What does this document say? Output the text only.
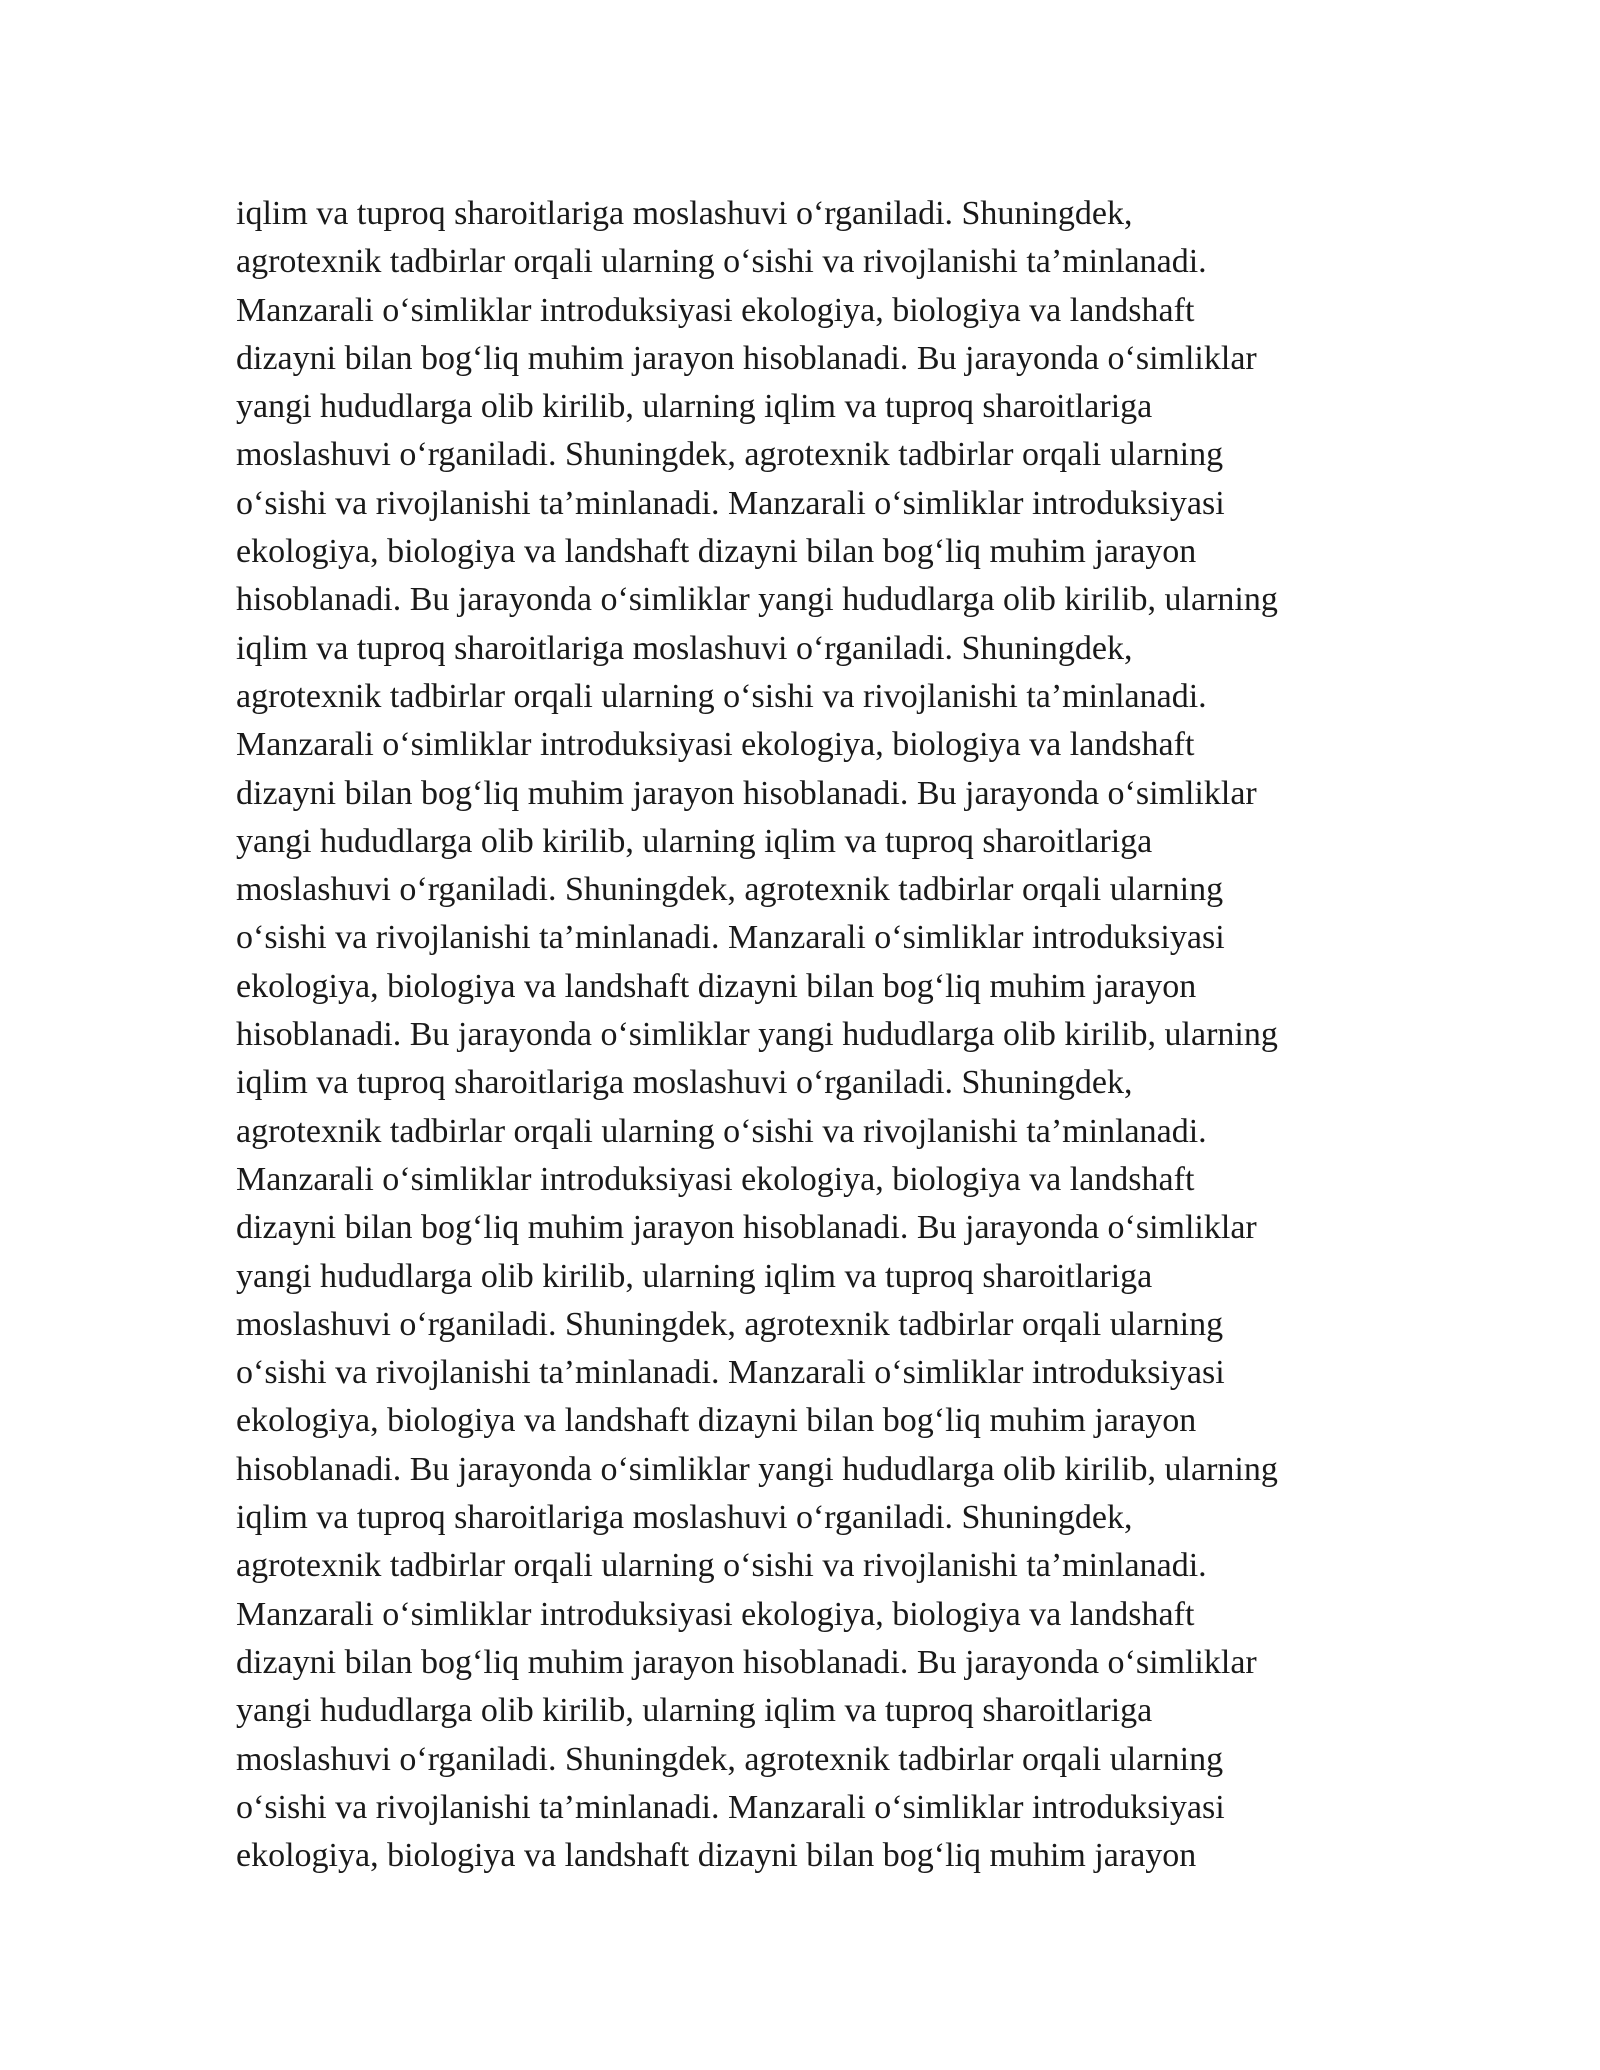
iqlim va tuproq sharoitlariga moslashuvi o‘rganiladi. Shuningdek,
agrotexnik tadbirlar orqali ularning o‘sishi va rivojlanishi ta’minlanadi.
Manzarali o‘simliklar introduksiyasi ekologiya, biologiya va landshaft
dizayni bilan bog‘liq muhim jarayon hisoblanadi. Bu jarayonda o‘simliklar
yangi hududlarga olib kirilib, ularning iqlim va tuproq sharoitlariga
moslashuvi o‘rganiladi. Shuningdek, agrotexnik tadbirlar orqali ularning
o‘sishi va rivojlanishi ta’minlanadi. Manzarali o‘simliklar introduksiyasi
ekologiya, biologiya va landshaft dizayni bilan bog‘liq muhim jarayon
hisoblanadi. Bu jarayonda o‘simliklar yangi hududlarga olib kirilib, ularning
iqlim va tuproq sharoitlariga moslashuvi o‘rganiladi. Shuningdek,
agrotexnik tadbirlar orqali ularning o‘sishi va rivojlanishi ta’minlanadi.
Manzarali o‘simliklar introduksiyasi ekologiya, biologiya va landshaft
dizayni bilan bog‘liq muhim jarayon hisoblanadi. Bu jarayonda o‘simliklar
yangi hududlarga olib kirilib, ularning iqlim va tuproq sharoitlariga
moslashuvi o‘rganiladi. Shuningdek, agrotexnik tadbirlar orqali ularning
o‘sishi va rivojlanishi ta’minlanadi. Manzarali o‘simliklar introduksiyasi
ekologiya, biologiya va landshaft dizayni bilan bog‘liq muhim jarayon
hisoblanadi. Bu jarayonda o‘simliklar yangi hududlarga olib kirilib, ularning
iqlim va tuproq sharoitlariga moslashuvi o‘rganiladi. Shuningdek,
agrotexnik tadbirlar orqali ularning o‘sishi va rivojlanishi ta’minlanadi.
Manzarali o‘simliklar introduksiyasi ekologiya, biologiya va landshaft
dizayni bilan bog‘liq muhim jarayon hisoblanadi. Bu jarayonda o‘simliklar
yangi hududlarga olib kirilib, ularning iqlim va tuproq sharoitlariga
moslashuvi o‘rganiladi. Shuningdek, agrotexnik tadbirlar orqali ularning
o‘sishi va rivojlanishi ta’minlanadi. Manzarali o‘simliklar introduksiyasi
ekologiya, biologiya va landshaft dizayni bilan bog‘liq muhim jarayon
hisoblanadi. Bu jarayonda o‘simliklar yangi hududlarga olib kirilib, ularning
iqlim va tuproq sharoitlariga moslashuvi o‘rganiladi. Shuningdek,
agrotexnik tadbirlar orqali ularning o‘sishi va rivojlanishi ta’minlanadi.
Manzarali o‘simliklar introduksiyasi ekologiya, biologiya va landshaft
dizayni bilan bog‘liq muhim jarayon hisoblanadi. Bu jarayonda o‘simliklar
yangi hududlarga olib kirilib, ularning iqlim va tuproq sharoitlariga
moslashuvi o‘rganiladi. Shuningdek, agrotexnik tadbirlar orqali ularning
o‘sishi va rivojlanishi ta’minlanadi. Manzarali o‘simliklar introduksiyasi
ekologiya, biologiya va landshaft dizayni bilan bog‘liq muhim jarayon
